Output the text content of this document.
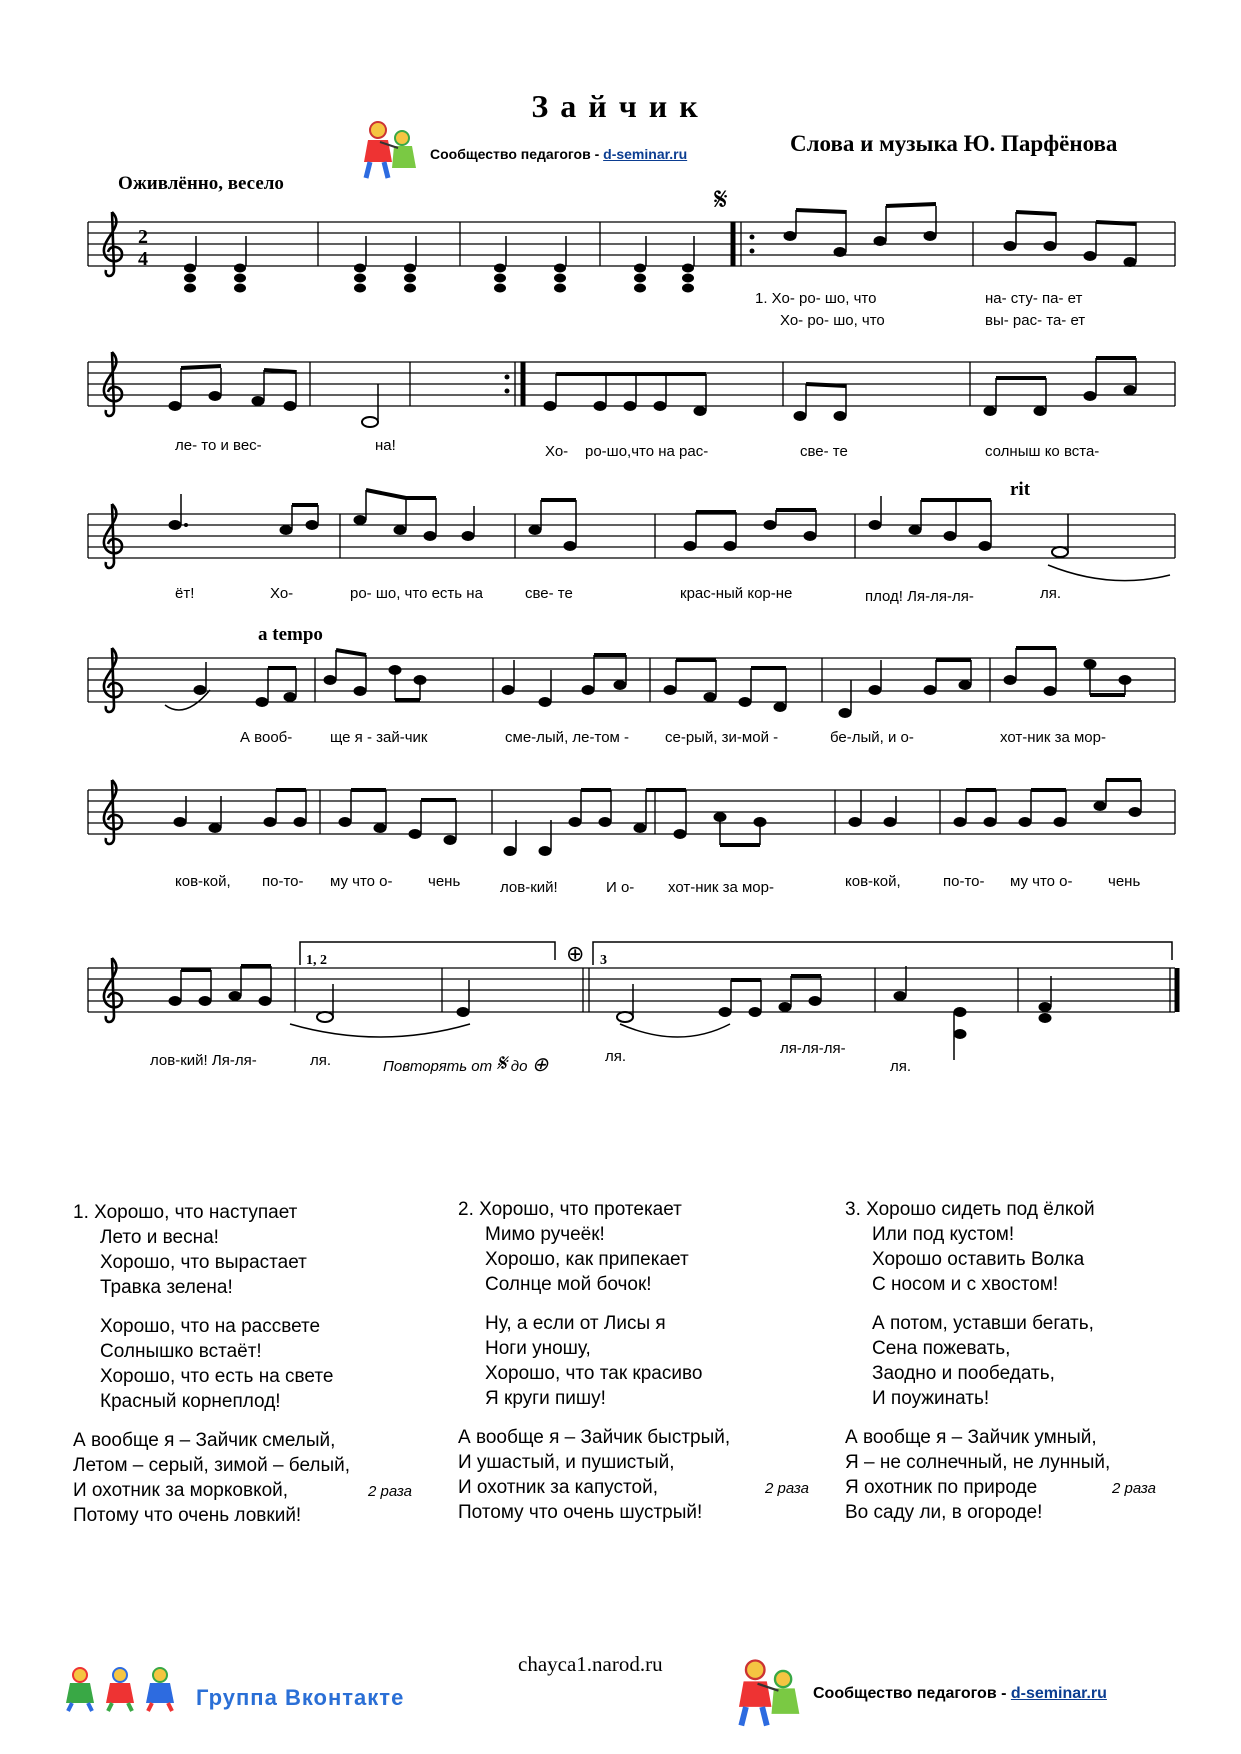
Зайчик
Сообщество педагогов - d-seminar.ru	Слова и музыка Ю. Парфёнова
Оживлённо, весело
2
4
𝄋
rit
a tempo
1, 2	3
⊕
1. Хо- ро- шо, что	на- сту- па- ет
Хо- ро- шо, что	вы- рас- та- ет
ле- то и вес-	на!	Хо- ро-шо,что на рас-	све- те	солныш ко вста-
ёт!	Хо-	ро- шо, что есть на	све- те	крас-ный кор-не	плод! Ля-ля-ля-	ля.
А вооб-	ще я - зай-чик	сме-лый, ле-том - се-рый, зи-мой -	бе-лый, и о-	хот-ник за мор-
ков-кой, по-то- му что о- чень	лов-кий!	И о- хот-ник за мор-	ков-кой,	по-то- му что о- чень
лов-кий! Ля-ля-	ля.	Повторять от 𝄋 до ⊕	ля.	ля-ля-ля-
ля.

1. Хорошо, что наступает

Лето и весна!

Хорошо, что вырастает

Травка зелена!

Хорошо, что на рассвете

Солнышко встаёт!

Хорошо, что есть на свете

Красный корнеплод!

А вообще я – Зайчик смелый,

Летом – серый, зимой – белый,

И охотник за морковкой,

Потому что очень ловкий!

2 раза

2. Хорошо, что протекает

Мимо ручеёк!

Хорошо, как припекает

Солнце мой бочок!

Ну, а если от Лисы я

Ноги уношу,

Хорошо, что так красиво

Я круги пишу!

А вообще я – Зайчик быстрый,

И ушастый, и пушистый,

И охотник за капустой,

Потому что очень шустрый!

2 раза

3. Хорошо сидеть под ёлкой

Или под кустом!

Хорошо оставить Волка

С носом и с хвостом!

А потом, уставши бегать,

Сена пожевать,

Заодно и пообедать,

И поужинать!

А вообще я – Зайчик умный,

Я – не солнечный, не лунный,

Я охотник по природе

Во саду ли, в огороде!

2 раза
chayca1.narod.ru
Группа Вконтакте	Сообщество педагогов - d-seminar.ru
